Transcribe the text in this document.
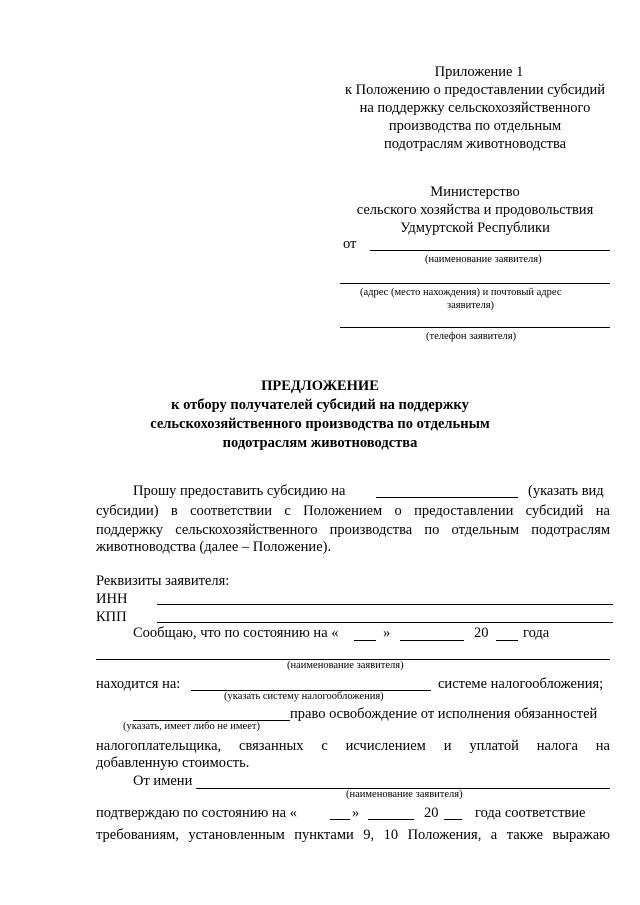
Приложение 1
к Положению о предоставлении субсидий
на поддержку сельскохозяйственного
производства по отдельным
подотраслям животноводства
Министерство
сельского хозяйства и продовольствия
Удмуртской Республики
от
(наименование заявителя)
(адрес (место нахождения) и почтовый адрес
заявителя)
(телефон заявителя)
ПРЕДЛОЖЕНИЕ
к отбору получателей субсидий на поддержку
сельскохозяйственного производства по отдельным
подотраслям животноводства
Прошу предоставить субсидию на	(указать вид
субсидии) в соответствии с Положением о предоставлении субсидий на
поддержку сельскохозяйственного производства по отдельным подотраслям
животноводства (далее – Положение).
Реквизиты заявителя:
ИНН
КПП
Сообщаю, что по состоянию на «	»	20 года
(наименование заявителя)
находится на:	системе налогообложения;
(указать систему налогообложения)
право освобождение от исполнения обязанностей
(указать, имеет либо не имеет)
налогоплательщика, связанных с исчислением и уплатой налога на
добавленную стоимость.
От имени
(наименование заявителя)
подтверждаю по состоянию на «	»	20	года соответствие
требованиям, установленным пунктами 9, 10 Положения, а также выражаю
